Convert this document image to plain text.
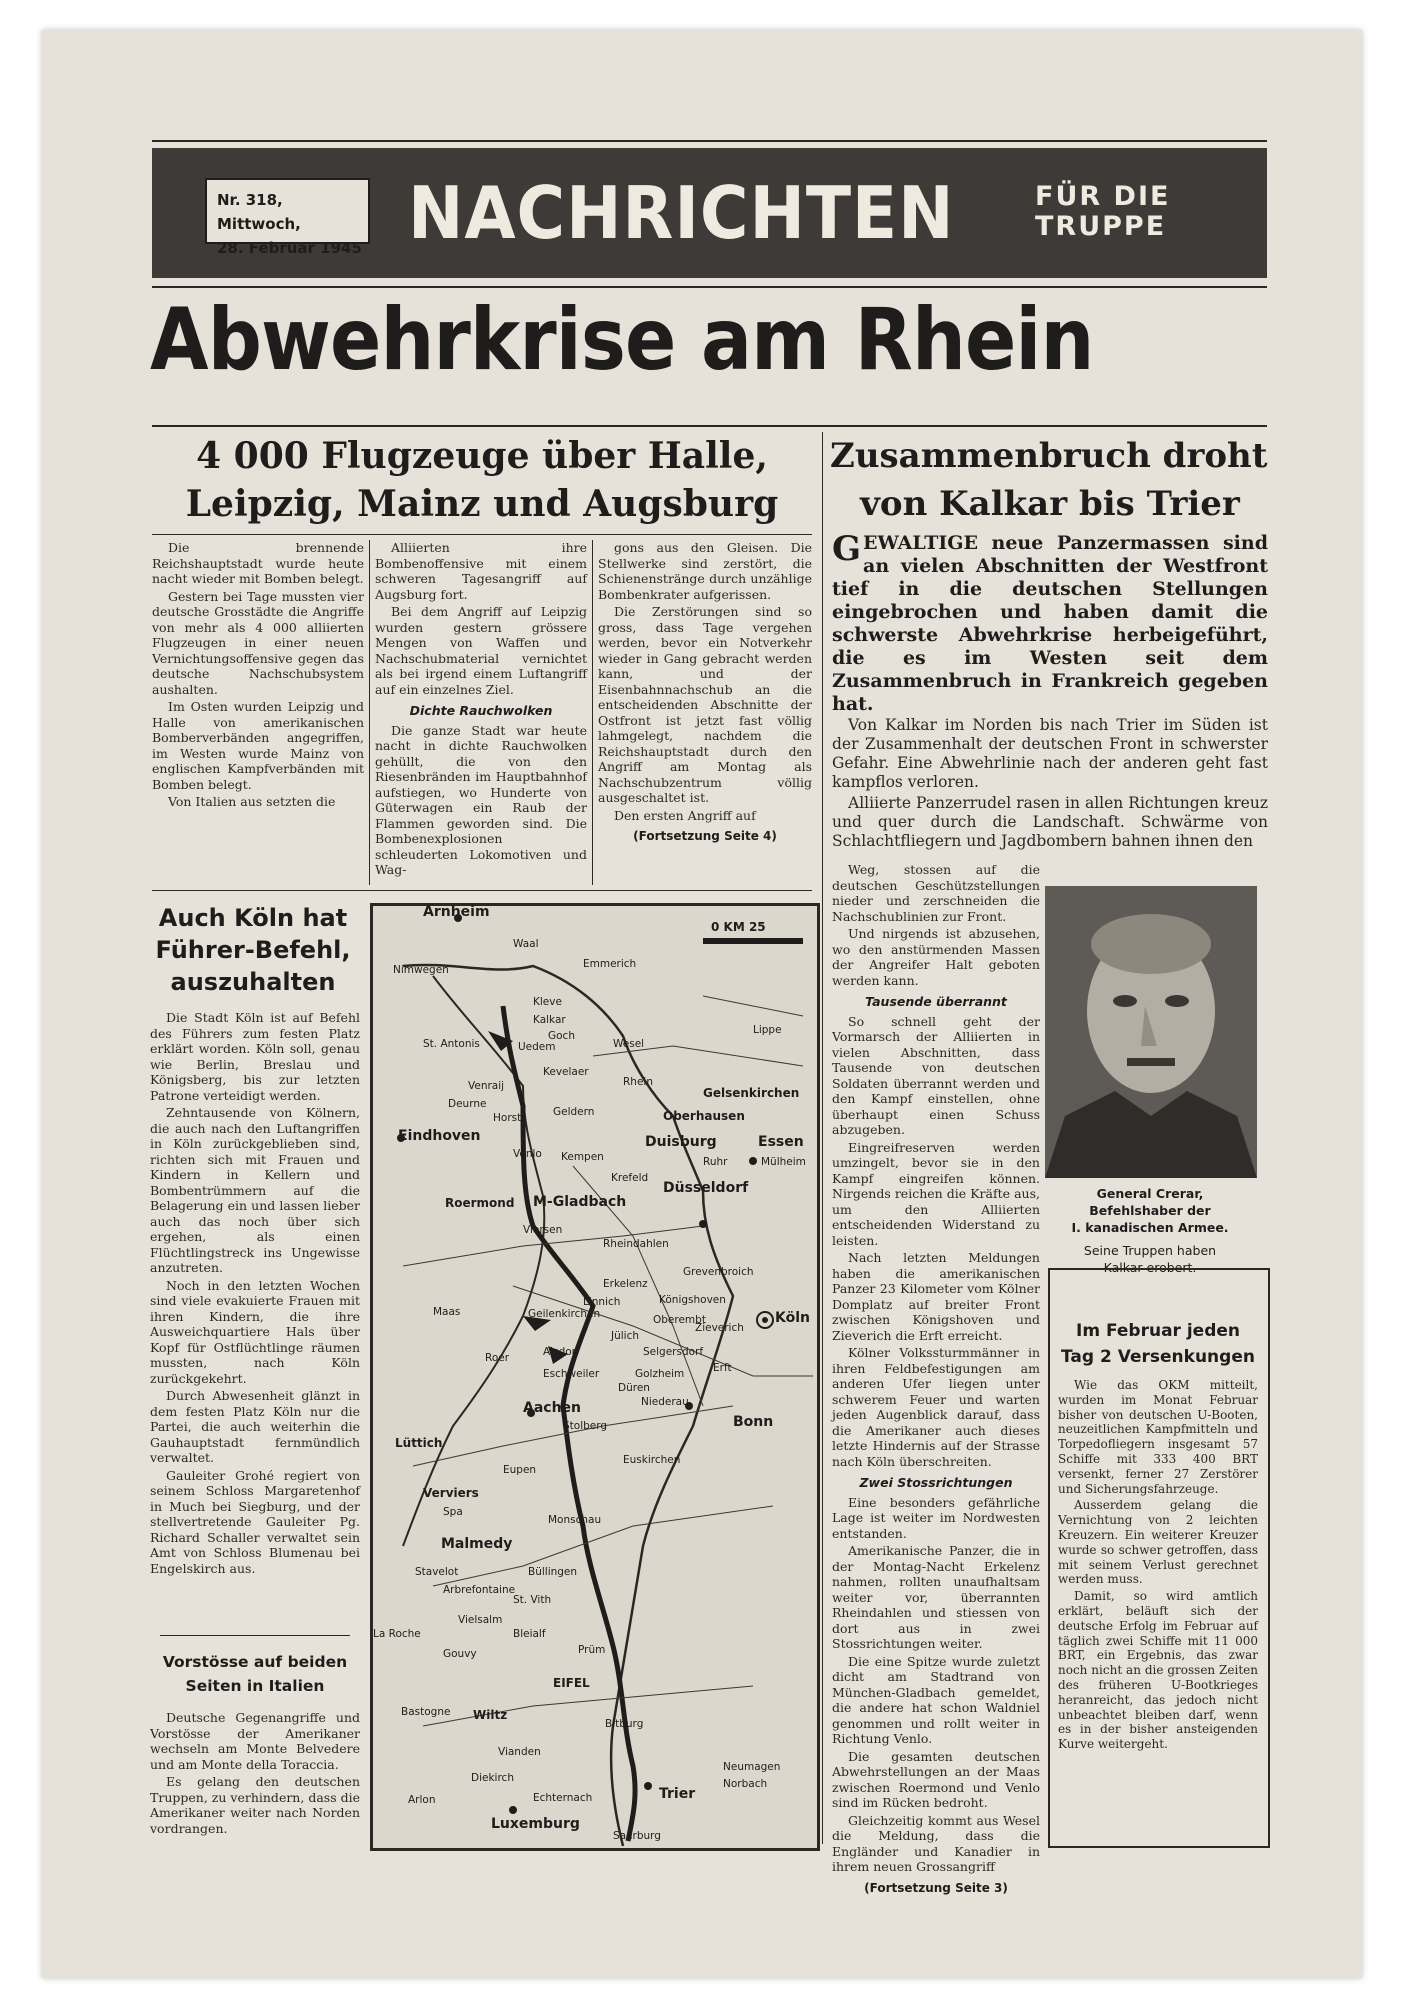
Nr. 318, Mittwoch,
28. Februar 1945 NACHRICHTEN	FÜR DIE
TRUPPE
Abwehrkrise am Rhein
4 000 Flugzeuge über Halle,
Leipzig, Mainz und Augsburg

Die brennende Reichshauptstadt wurde heute nacht wieder mit Bomben belegt.

Gestern bei Tage mussten vier deutsche Grosstädte die Angriffe von mehr als 4 000 alliierten Flugzeugen in einer neuen Vernichtungsoffensive gegen das deutsche Nachschubsystem aushalten.

Im Osten wurden Leipzig und Halle von amerikanischen Bomberverbänden angegriffen, im Westen wurde Mainz von englischen Kampfverbänden mit Bomben belegt.

Von Italien aus setzten die

Alliierten ihre Bombenoffensive mit einem schweren Tagesangriff auf Augsburg fort.

Bei dem Angriff auf Leipzig wurden gestern grössere Mengen von Waffen und Nachschubmaterial vernichtet als bei irgend einem Luftangriff auf ein einzelnes Ziel.

Dichte Rauchwolken

Die ganze Stadt war heute nacht in dichte Rauchwolken gehüllt, die von den Riesenbränden im Hauptbahnhof aufstiegen, wo Hunderte von Güterwagen ein Raub der Flammen geworden sind. Die Bombenexplosionen schleuderten Lokomotiven und Wag-

gons aus den Gleisen. Die Stellwerke sind zerstört, die Schienenstränge durch unzählige Bombenkrater aufgerissen.

Die Zerstörungen sind so gross, dass Tage vergehen werden, bevor ein Notverkehr wieder in Gang gebracht werden kann, und der Eisenbahnnachschub an die entscheidenden Abschnitte der Ostfront ist jetzt fast völlig lahmgelegt, nachdem die Reichshauptstadt durch den Angriff am Montag als Nachschubzentrum völlig ausgeschaltet ist.

Den ersten Angriff auf

(Fortsetzung Seite 4)
Zusammenbruch droht
von Kalkar bis Trier
GEWALTIGE neue Panzermassen sind an vielen Abschnitten der Westfront tief in die deutschen Stellungen eingebrochen und haben damit die schwerste Abwehrkrise herbeigeführt, die es im Westen seit dem Zusammenbruch in Frankreich gegeben hat.

Von Kalkar im Norden bis nach Trier im Süden ist der Zusammenhalt der deutschen Front in schwerster Gefahr. Eine Abwehrlinie nach der anderen geht fast kampflos verloren.

Alliierte Panzerrudel rasen in allen Richtungen kreuz und quer durch die Landschaft. Schwärme von Schlachtfliegern und Jagdbombern bahnen ihnen den

Weg, stossen auf die deutschen Geschützstellungen nieder und zerschneiden die Nachschublinien zur Front.

Und nirgends ist abzusehen, wo den anstürmenden Massen der Angreifer Halt geboten werden kann.

Tausende überrannt

So schnell geht der Vormarsch der Alliierten in vielen Abschnitten, dass Tausende von deutschen Soldaten überrannt werden und den Kampf einstellen, ohne überhaupt einen Schuss abzugeben.

Eingreifreserven werden umzingelt, bevor sie in den Kampf eingreifen können. Nirgends reichen die Kräfte aus, um den Alliierten entscheidenden Widerstand zu leisten.

Nach letzten Meldungen haben die amerikanischen Panzer 23 Kilometer vom Kölner Domplatz auf breiter Front zwischen Königshoven und Zieverich die Erft erreicht.

Kölner Volkssturmmänner in ihren Feldbefestigungen am anderen Ufer liegen unter schwerem Feuer und warten jeden Augenblick darauf, dass die Amerikaner auch dieses letzte Hindernis auf der Strasse nach Köln überschreiten.

Zwei Stossrichtungen

Eine besonders gefährliche Lage ist weiter im Nordwesten entstanden.

Amerikanische Panzer, die in der Montag-Nacht Erkelenz nahmen, rollten unaufhaltsam weiter vor, überrannten Rheindahlen und stiessen von dort aus in zwei Stossrichtungen weiter.

Die eine Spitze wurde zuletzt dicht am Stadtrand von München-Gladbach gemeldet, die andere hat schon Waldniel genommen und rollt weiter in Richtung Venlo.

Die gesamten deutschen Abwehrstellungen an der Maas zwischen Roermond und Venlo sind im Rücken bedroht.

Gleichzeitig kommt aus Wesel die Meldung, dass die Engländer und Kanadier in ihrem neuen Grossangriff

(Fortsetzung Seite 3)
General Crerar,
Befehlshaber der
I. kanadischen Armee.
Seine Truppen haben
Kalkar erobert.
Im Februar jeden
Tag 2 Versenkungen

Wie das OKM mitteilt, wurden im Monat Februar bisher von deutschen U-Booten, neuzeitlichen Kampfmitteln und Torpedofliegern insgesamt 57 Schiffe mit 333 400 BRT versenkt, ferner 27 Zerstörer und Sicherungsfahrzeuge.

Ausserdem gelang die Vernichtung von 2 leichten Kreuzern. Ein weiterer Kreuzer wurde so schwer getroffen, dass mit seinem Verlust gerechnet werden muss.

Damit, so wird amtlich erklärt, beläuft sich der deutsche Erfolg im Februar auf täglich zwei Schiffe mit 11 000 BRT, ein Ergebnis, das zwar noch nicht an die grossen Zeiten des früheren U-Bootkrieges heranreicht, das jedoch nicht unbeachtet bleiben darf, wenn es in der bisher ansteigenden Kurve weitergeht.

Auch Köln hat
Führer-Befehl,
auszuhalten

Die Stadt Köln ist auf Befehl des Führers zum festen Platz erklärt worden. Köln soll, genau wie Berlin, Breslau und Königsberg, bis zur letzten Patrone verteidigt werden.

Zehntausende von Kölnern, die auch nach den Luftangriffen in Köln zurückgeblieben sind, richten sich mit Frauen und Kindern in Kellern und Bombentrümmern auf die Belagerung ein und lassen lieber auch das noch über sich ergehen, als einen Flüchtlingstreck ins Ungewisse anzutreten.

Noch in den letzten Wochen sind viele evakuierte Frauen mit ihren Kindern, die ihre Ausweichquartiere Hals über Kopf für Ostflüchtlinge räumen mussten, nach Köln zurückgekehrt.

Durch Abwesenheit glänzt in dem festen Platz Köln nur die Partei, die auch weiterhin die Gauhauptstadt fernmündlich verwaltet.

Gauleiter Grohé regiert von seinem Schloss Margaretenhof in Much bei Siegburg, und der stellvertretende Gauleiter Pg. Richard Schaller verwaltet sein Amt von Schloss Blumenau bei Engelskirch aus.

Vorstösse auf beiden
Seiten in Italien

Deutsche Gegenangriffe und Vorstösse der Amerikaner wechseln am Monte Belvedere und am Monte della Toraccia.

Es gelang den deutschen Truppen, zu verhindern, dass die Amerikaner weiter nach Norden vordrangen.

Arnheim
0 KM 25
Waal
Nimwegen	Emmerich
Kleve
Kalkar
Goch
St. Antonis	Uedem	Wesel
Lippe
Kevelaer
Venraij	Gelsenkirchen
Deurne
Horst	Geldern	Oberhausen
Eindhoven	Duisburg	Essen
Venlo Kempen	Ruhr	Mülheim
Krefeld
Düsseldorf
Roermond M-Gladbach
Viersen
Rheindahlen
Grevenbroich
Erkelenz
Königshoven
Linnich
Maas	Geilenkirchen	Oberembt
Zieverich
Köln
Jülich
Selgersdorf
Alsdorf
Eschweiler	Golzheim
Düren
Niederau
Aachen
Stolberg	Bonn
Lüttich
Eupen
Euskirchen
Verviers
Spa
Monschau
Malmedy
Stavelot	Büllingen
Arbrefontaine
St. Vith
Vielsalm
La Roche	Bleialf
Gouvy	Prüm
EIFEL
Bastogne Wiltz
Bitburg
Vianden
Diekirch
Neumagen
Echternach
Norbach
Arlon	Trier
Luxemburg
Saarburg
Rhein
Roer
Erft
